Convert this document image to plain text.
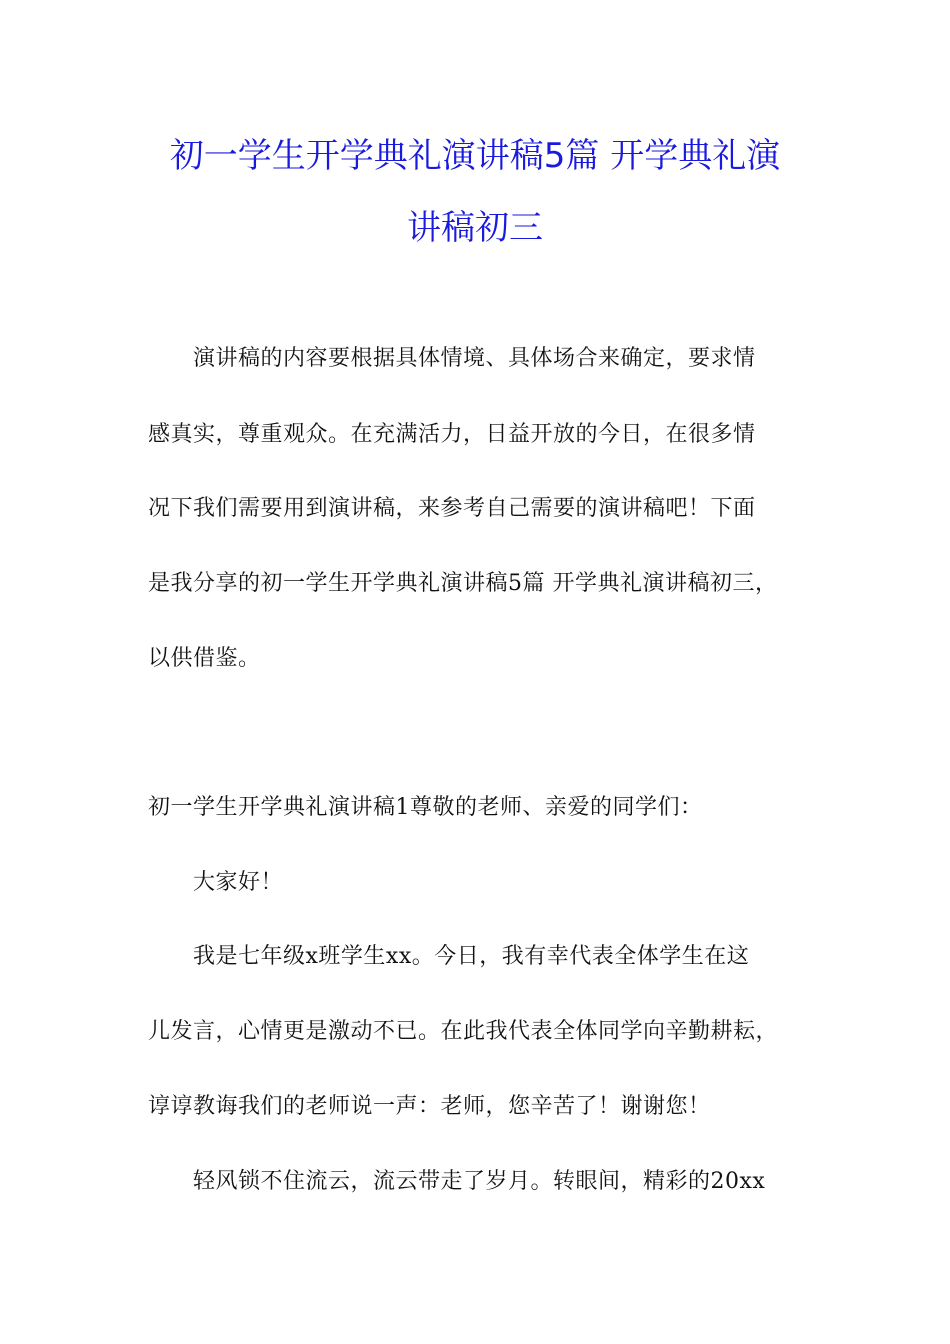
初一学生开学典礼演讲稿5篇 开学典礼演
讲稿初三
演讲稿的内容要根据具体情境、具体场合来确定，要求情
感真实，尊重观众。在充满活力，日益开放的今日，在很多情
况下我们需要用到演讲稿，来参考自己需要的演讲稿吧！下面
是我分享的初一学生开学典礼演讲稿5篇 开学典礼演讲稿初三，
以供借鉴。
初一学生开学典礼演讲稿1尊敬的老师、亲爱的同学们：
大家好！
我是七年级x班学生xx。今日，我有幸代表全体学生在这
儿发言，心情更是激动不已。在此我代表全体同学向辛勤耕耘，
谆谆教诲我们的老师说一声：老师，您辛苦了！谢谢您！
轻风锁不住流云，流云带走了岁月。转眼间，精彩的20xx
